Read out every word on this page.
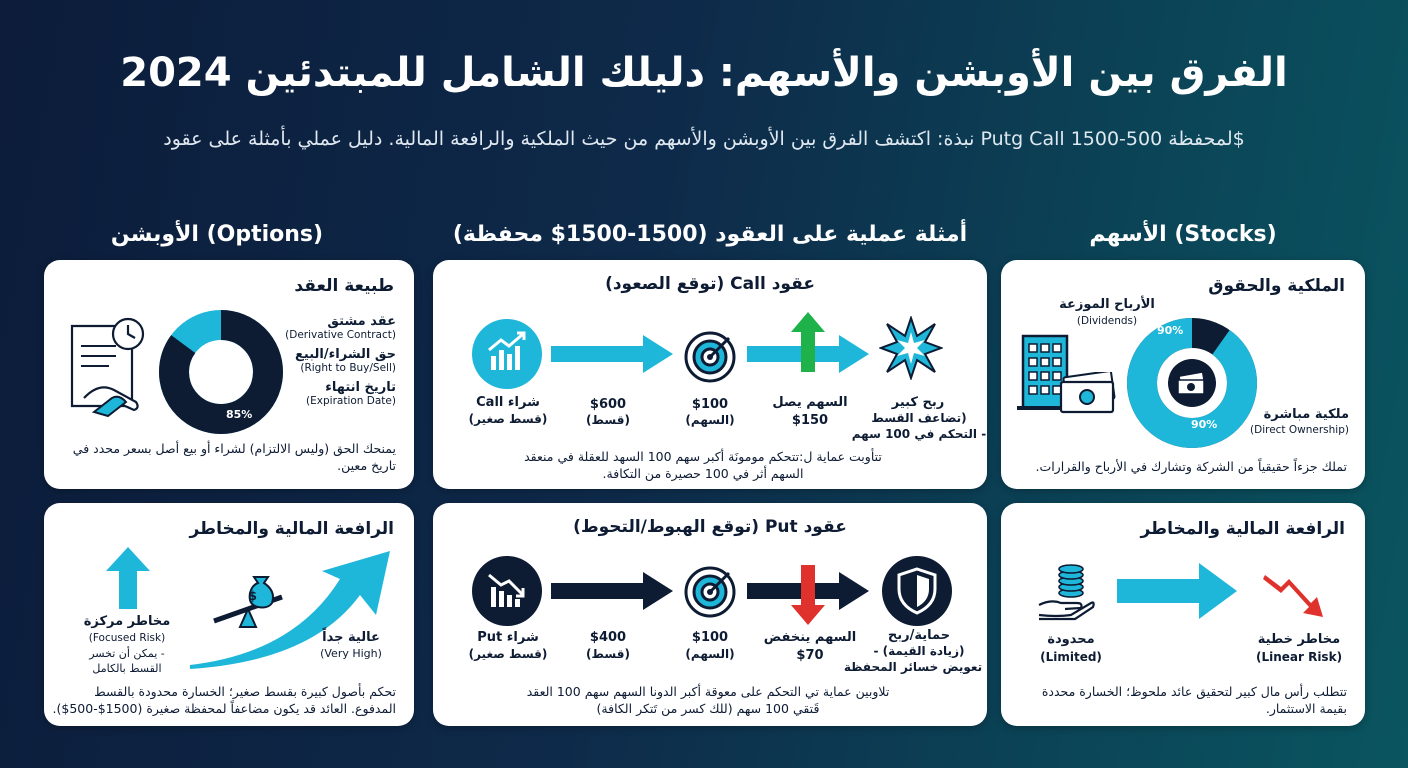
الفرق بين الأوبشن والأسهم: دليلك الشامل للمبتدئين 2024
نبذة: اكتشف الفرق بين الأوبشن والأسهم من حيث الملكية والرافعة المالية. دليل عملي بأمثلة على عقود Putg Call لمحفظة 500-1500$
الأوبشن (Options)	أمثلة عملية على العقود (1500-1500$ محفظة)	الأسهم (Stocks)
طبيعة العقد
عقد مشتق
(Derivative Contract)
حق الشراء/البيع
(Right to Buy/Sell)
تاريخ انتهاء
(Expiration Date)
85%
يمنحك الحق (وليس الالتزام) لشراء أو بيع أصل بسعر محدد في تاريخ معين.
عقود Call (توقع الصعود)
شراء Call
(قسط صغير)
$600
(قسط)
$100
(السهم)
السهم يصل
$150
ربح كبير
(تضاعف القسط
- التحكم في 100 سهم
تتأوبت عماية ل:تتحكم مومونَة أكبر سهم 100 السهد للعقلة في منعقد السهم أثر في 100 حصيرة من التكافة.
الملكية والحقوق
الأرباح الموزعة
(Dividends)
90%
90%
ملكية مباشرة
(Direct Ownership)
تملك جزءاً حقيقياً من الشركة وتشارك في الأرباح والقرارات.
الرافعة المالية والمخاطر
$
مخاطر مركزة
(Focused Risk)
- يمكن أن تخسر
القسط بالكامل
عالية جداً
(Very High)
تحكم بأصول كبيرة بقسط صغير؛ الخسارة محدودة بالقسط المدفوع. العائد قد يكون مضاعفاً لمحفظة صغيرة (1500$-500$).
عقود Put (توقع الهبوط/التحوط)
شراء Put
(قسط صغير)
$400
(قسط)
$100
(السهم)
السهم ينخفض
$70
حماية/ربح
(زيادة القيمة) -
تعويض خسائر المحفظة
تلاوبين عماية تي التحكم على معوقة أكبر الدونا السهم سهم 100 العقد قَتقي 100 سهم (للك كسر من تَتكر الكافة)
الرافعة المالية والمخاطر
محدودة
(Limited)
مخاطر خطية
(Linear Risk)
تتطلب رأس مال كبير لتحقيق عائد ملحوظ؛ الخسارة محددة بقيمة الاستثمار.
